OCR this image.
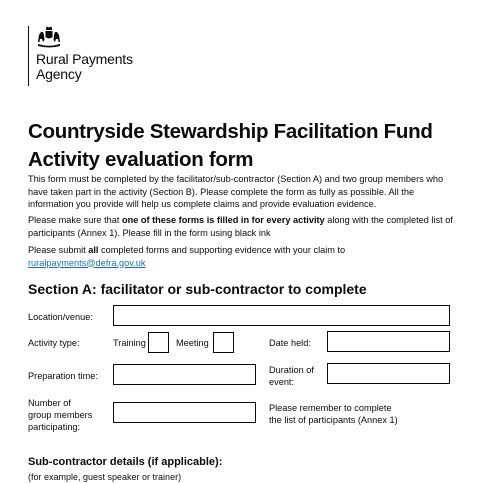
Rural Payments
Agency
Countryside Stewardship Facilitation Fund
Activity evaluation form

This form must be completed by the facilitator/sub-contractor (Section A) and two group members who have taken part in the activity (Section B). Please complete the form as fully as possible. All the information you provide will help us complete claims and provide evaluation evidence.

Please make sure that one of these forms is filled in for every activity along with the completed list of participants (Annex 1). Please fill in the form using black ink

Please submit all completed forms and supporting evidence with your claim to
ruralpayments@defra.gov.uk

Section A: facilitator or sub-contractor to complete
Location/venue:
Activity type:	Training	Meeting	Date held:
Preparation time:
Duration of
event:
Number of
group members
participating:
Please remember to complete
the list of participants (Annex 1)
Sub-contractor details (if applicable):
(for example, guest speaker or trainer)
